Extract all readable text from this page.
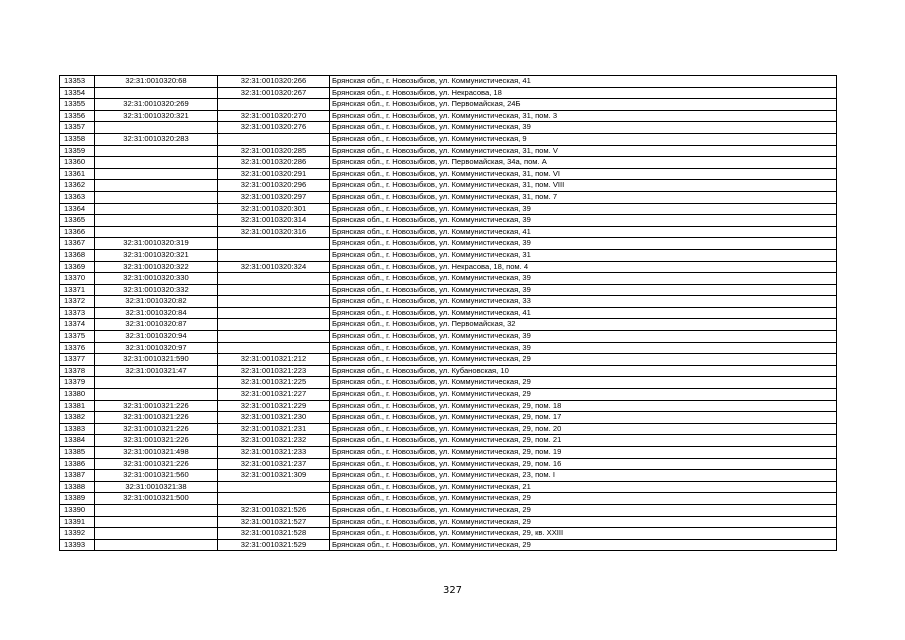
13353	32:31:0010320:68	32:31:0010320:266	Брянская обл., г. Новозыбков, ул. Коммунистическая, 41
13354		32:31:0010320:267	Брянская обл., г. Новозыбков, ул. Некрасова, 18
13355	32:31:0010320:269		Брянская обл., г. Новозыбков, ул. Первомайская, 24Б
13356	32:31:0010320:321	32:31:0010320:270	Брянская обл., г. Новозыбков, ул. Коммунистическая, 31, пом. 3
13357		32:31:0010320:276	Брянская обл., г. Новозыбков, ул. Коммунистическая, 39
13358	32:31:0010320:283		Брянская обл., г. Новозыбков, ул. Коммунистическая, 9
13359		32:31:0010320:285	Брянская обл., г. Новозыбков, ул. Коммунистическая, 31, пом. V
13360		32:31:0010320:286	Брянская обл., г. Новозыбков, ул. Первомайская, 34а, пом. А
13361		32:31:0010320:291	Брянская обл., г. Новозыбков, ул. Коммунистическая, 31, пом. VI
13362		32:31:0010320:296	Брянская обл., г. Новозыбков, ул. Коммунистическая, 31, пом. VIII
13363		32:31:0010320:297	Брянская обл., г. Новозыбков, ул. Коммунистическая, 31, пом. 7
13364		32:31:0010320:301	Брянская обл., г. Новозыбков, ул. Коммунистическая, 39
13365		32:31:0010320:314	Брянская обл., г. Новозыбков, ул. Коммунистическая, 39
13366		32:31:0010320:316	Брянская обл., г. Новозыбков, ул. Коммунистическая, 41
13367	32:31:0010320:319		Брянская обл., г. Новозыбков, ул. Коммунистическая, 39
13368	32:31:0010320:321		Брянская обл., г. Новозыбков, ул. Коммунистическая, 31
13369	32:31:0010320:322	32:31:0010320:324	Брянская обл., г. Новозыбков, ул. Некрасова, 18, пом. 4
13370	32:31:0010320:330		Брянская обл., г. Новозыбков, ул. Коммунистическая, 39
13371	32:31:0010320:332		Брянская обл., г. Новозыбков, ул. Коммунистическая, 39
13372	32:31:0010320:82		Брянская обл., г. Новозыбков, ул. Коммунистическая, 33
13373	32:31:0010320:84		Брянская обл., г. Новозыбков, ул. Коммунистическая, 41
13374	32:31:0010320:87		Брянская обл., г. Новозыбков, ул. Первомайская, 32
13375	32:31:0010320:94		Брянская обл., г. Новозыбков, ул. Коммунистическая, 39
13376	32:31:0010320:97		Брянская обл., г. Новозыбков, ул. Коммунистическая, 39
13377	32:31:0010321:590	32:31:0010321:212	Брянская обл., г. Новозыбков, ул. Коммунистическая, 29
13378	32:31:0010321:47	32:31:0010321:223	Брянская обл., г. Новозыбков, ул. Кубановская, 10
13379		32:31:0010321:225	Брянская обл., г. Новозыбков, ул. Коммунистическая, 29
13380		32:31:0010321:227	Брянская обл., г. Новозыбков, ул. Коммунистическая, 29
13381	32:31:0010321:226	32:31:0010321:229	Брянская обл., г. Новозыбков, ул. Коммунистическая, 29, пом. 18
13382	32:31:0010321:226	32:31:0010321:230	Брянская обл., г. Новозыбков, ул. Коммунистическая, 29, пом. 17
13383	32:31:0010321:226	32:31:0010321:231	Брянская обл., г. Новозыбков, ул. Коммунистическая, 29, пом. 20
13384	32:31:0010321:226	32:31:0010321:232	Брянская обл., г. Новозыбков, ул. Коммунистическая, 29, пом. 21
13385	32:31:0010321:498	32:31:0010321:233	Брянская обл., г. Новозыбков, ул. Коммунистическая, 29, пом. 19
13386	32:31:0010321:226	32:31:0010321:237	Брянская обл., г. Новозыбков, ул. Коммунистическая, 29, пом. 16
13387	32:31:0010321:560	32:31:0010321:309	Брянская обл., г. Новозыбков, ул. Коммунистическая, 23, пом. I
13388	32:31:0010321:38		Брянская обл., г. Новозыбков, ул. Коммунистическая, 21
13389	32:31:0010321:500		Брянская обл., г. Новозыбков, ул. Коммунистическая, 29
13390		32:31:0010321:526	Брянская обл., г. Новозыбков, ул. Коммунистическая, 29
13391		32:31:0010321:527	Брянская обл., г. Новозыбков, ул. Коммунистическая, 29
13392		32:31:0010321:528	Брянская обл., г. Новозыбков, ул. Коммунистическая, 29, кв. XXIII
13393		32:31:0010321:529	Брянская обл., г. Новозыбков, ул. Коммунистическая, 29
327
